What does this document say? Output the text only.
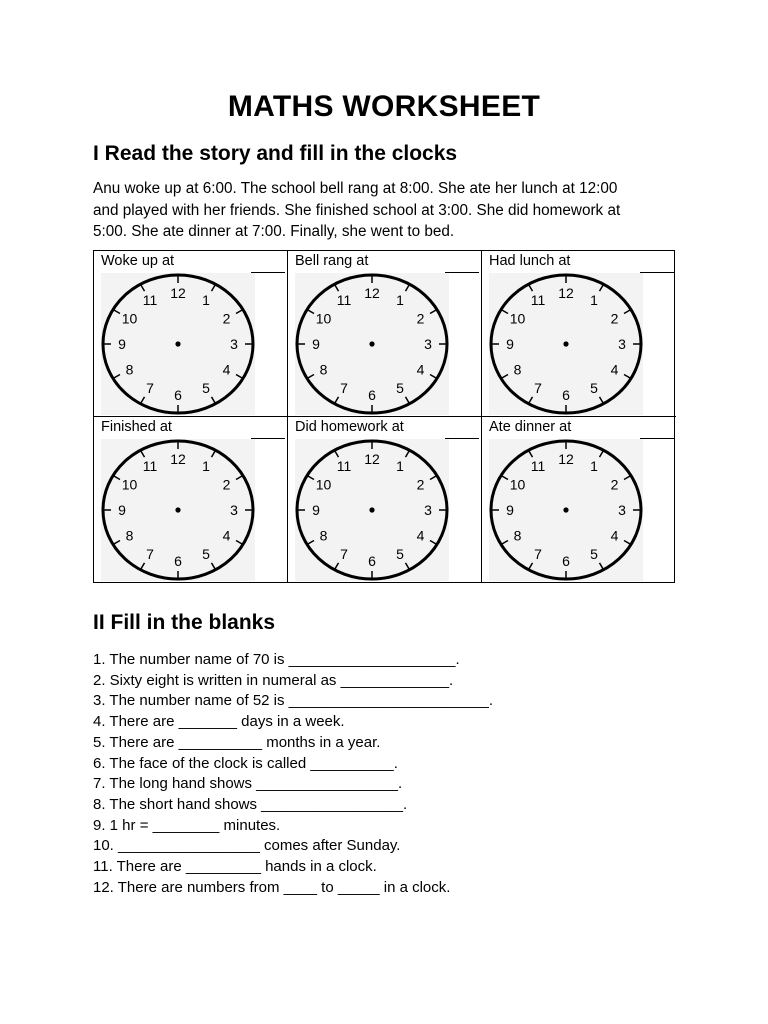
MATHS WORKSHEET
I Read the story and fill in the clocks
Anu woke up at 6:00. The school bell rang at 8:00. She ate her lunch at 12:00
and played with her friends. She finished school at 3:00. She did homework at
5:00. She ate dinner at 7:00. Finally, she went to bed.
Woke up at
12 1
2
3
4
5
6
7
8
9
10
11
Bell rang at
12 1
2
3
4
5
6
7
8
9
10
11
Had lunch at
12 1
2
3
4
5
6
7
8
9
10
11
Finished at
12 1
2
3
4
5
6
7
8
9
10
11
Did homework at
12 1
2
3
4
5
6
7
8
9
10
11
Ate dinner at
12 1
2
3
4
5
6
7
8
9
10
11
II Fill in the blanks
1. The number name of 70 is ____________________.
2. Sixty eight is written in numeral as _____________.
3. The number name of 52 is ________________________.
4. There are _______ days in a week.
5. There are __________ months in a year.
6. The face of the clock is called __________.
7. The long hand shows _________________.
8. The short hand shows _________________.
9. 1 hr = ________ minutes.
10. _________________ comes after Sunday.
11. There are _________ hands in a clock.
12. There are numbers from ____ to _____ in a clock.
